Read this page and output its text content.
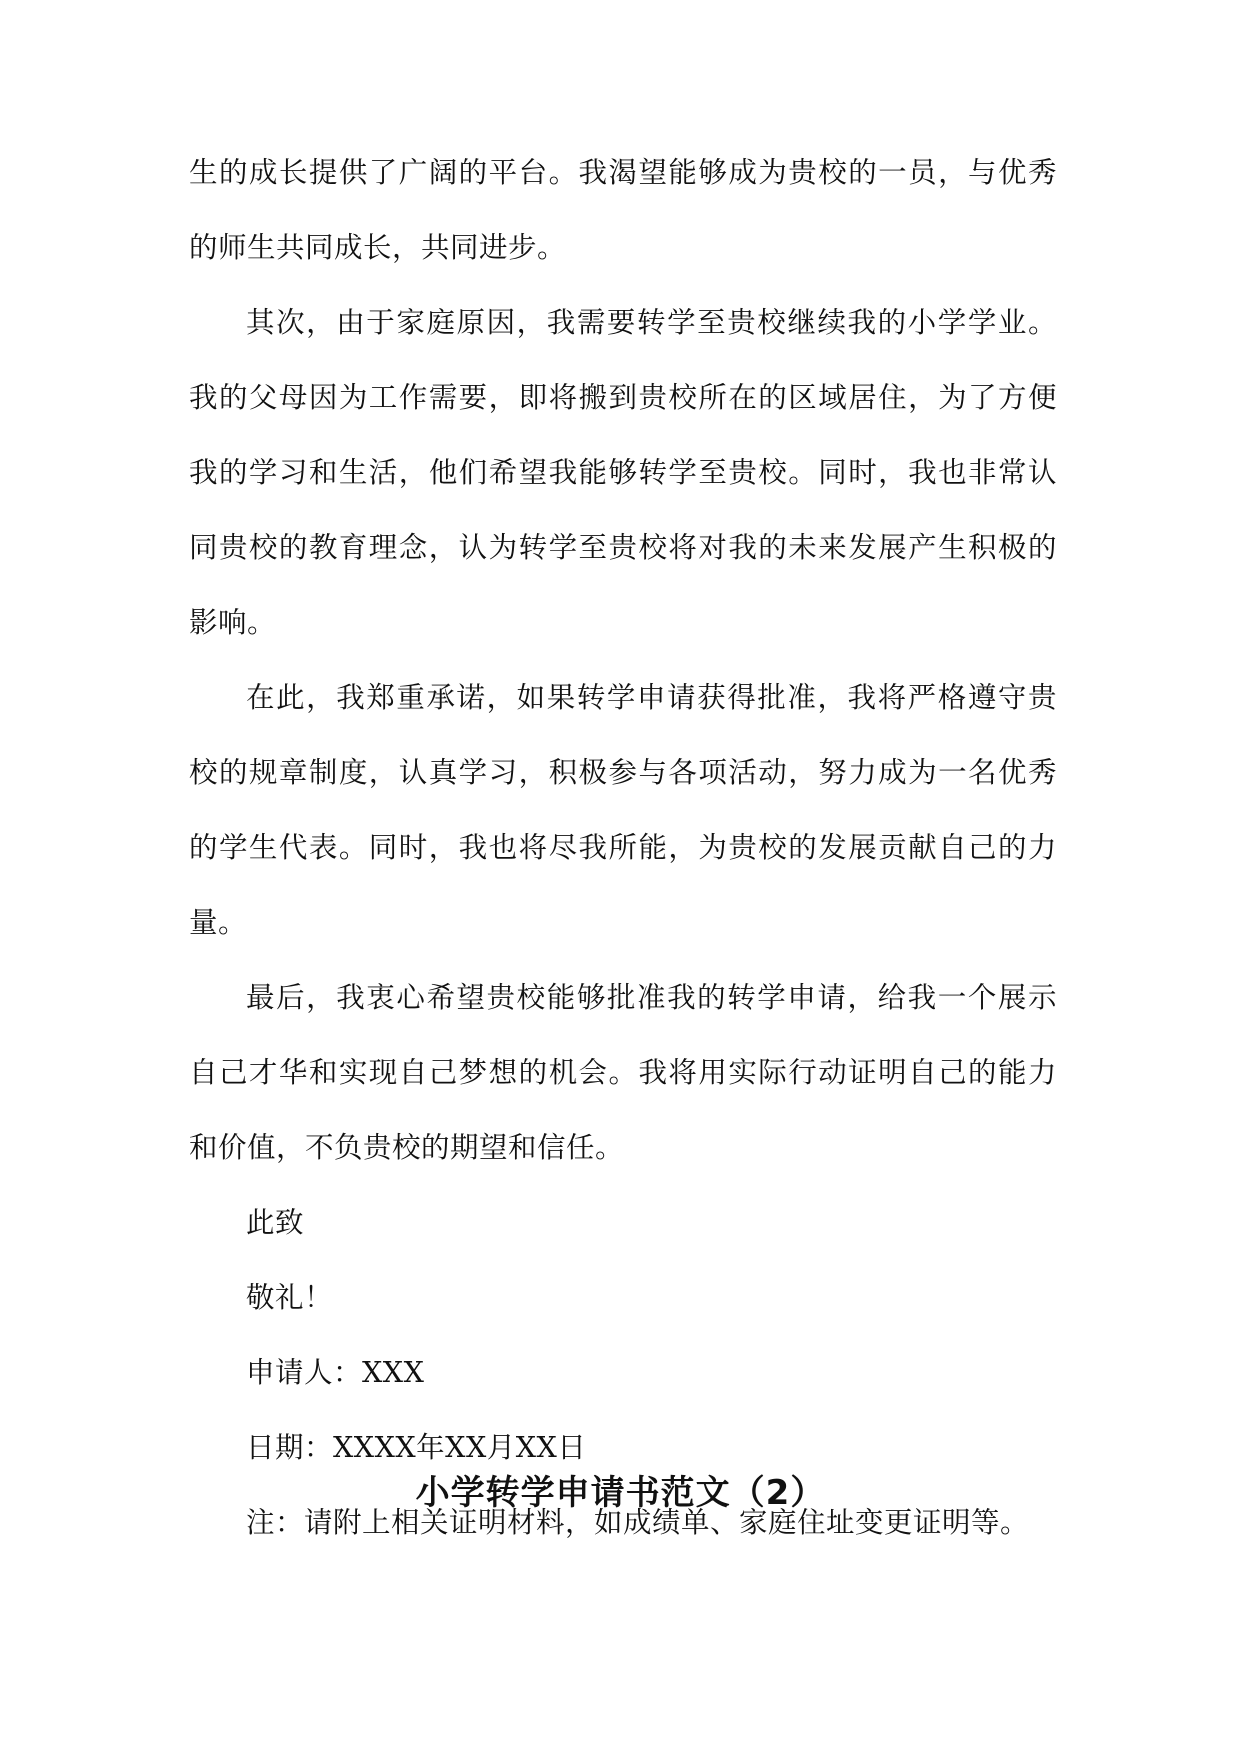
生的成长提供了广阔的平台。我渴望能够成为贵校的一员，与优秀的师生共同成长，共同进步。

其次，由于家庭原因，我需要转学至贵校继续我的小学学业。我的父母因为工作需要，即将搬到贵校所在的区域居住，为了方便我的学习和生活，他们希望我能够转学至贵校。同时，我也非常认同贵校的教育理念，认为转学至贵校将对我的未来发展产生积极的影响。

在此，我郑重承诺，如果转学申请获得批准，我将严格遵守贵校的规章制度，认真学习，积极参与各项活动，努力成为一名优秀的学生代表。同时，我也将尽我所能，为贵校的发展贡献自己的力量。

最后，我衷心希望贵校能够批准我的转学申请，给我一个展示自己才华和实现自己梦想的机会。我将用实际行动证明自己的能力和价值，不负贵校的期望和信任。

此致

敬礼！

申请人：XXX

日期：XXXX年XX月XX日

注：请附上相关证明材料，如成绩单、家庭住址变更证明等。

小学转学申请书范文（2）
